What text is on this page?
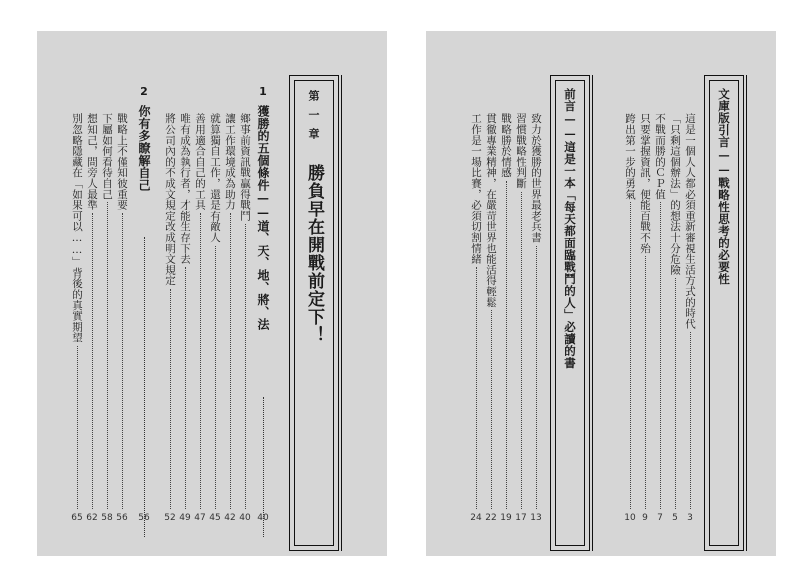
第一章
勝負早在開戰前定下！
1
獲勝的五個條件——道、天、地、將、法
40
鄉事前資訊戰贏得戰鬥
40
讓工作環境成為助力
42
就算獨自工作，還是有敵人
45
善用適合自己的工具
47
唯有成為執行者，才能生存下去
49
將公司內的不成文規定改成明文規定
52
2
你有多瞭解自己
56
戰略上不僅知彼重要
56
下屬如何看待自己
58
想知己，問旁人最準
62
別忽略隱藏在「如果可以……」背後的真實期望
65
文庫版引言——戰略性思考的必要性
這是一個人人都必須重新審視生活方式的時代
3
「只剩這個辦法」的想法十分危險
5
不戰而勝的ＣＰ值
7
只要掌握資訊，便能百戰不殆
9
跨出第一步的勇氣
10
前言——這是一本「每天都面臨戰鬥的人」必讀的書
致力於獲勝的世界最老兵書
13
習慣戰略性判斷
17
戰略勝於情感
19
貫徹專業精神，在嚴苛世界也能活得輕鬆
22
工作是一場比賽，必須切割情緒
24
